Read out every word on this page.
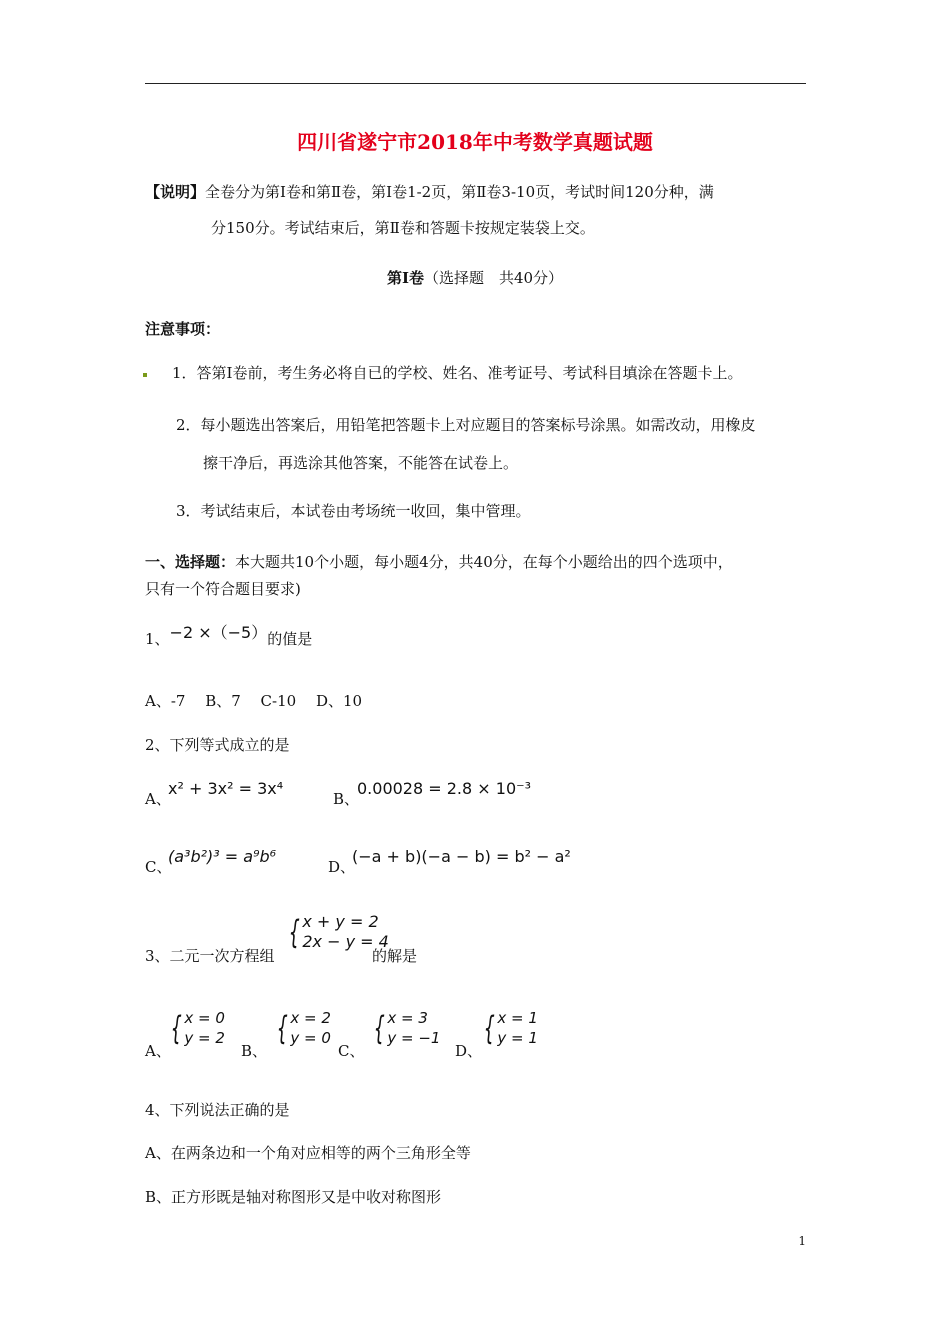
四川省遂宁市2018年中考数学真题试题
【说明】全卷分为第Ⅰ卷和第Ⅱ卷，第Ⅰ卷1-2页，第Ⅱ卷3-10页，考试时间120分种，满
分150分。考试结束后，第Ⅱ卷和答题卡按规定装袋上交。
第Ⅰ卷（选择题　共40分）
注意事项：
1．答第Ⅰ卷前，考生务必将自已的学校、姓名、准考证号、考试科目填涂在答题卡上。
2．每小题选出答案后，用铅笔把答题卡上对应题目的答案标号涂黑。如需改动，用橡皮
擦干净后，再选涂其他答案，不能答在试卷上。
3．考试结束后，本试卷由考场统一收回，集中管理。
一、选择题：本大题共10个小题，每小题4分，共40分，在每个小题给出的四个选项中，
只有一个符合题目要求)
1、−2 ×（−5）的值是
A、-7　 B、7　 C-10　 D、10
2、下列等式成立的是
A、
x² + 3x² = 3x⁴
B、
0.00028 = 2.8 × 10⁻³
C、
(a³b²)³ = a⁹b⁶
D、
(−a + b)(−a − b) = b² − a²
3、二元一次方程组
{ x + y = 2
2x − y = 4
的解是
A、
{ x = 0
y = 2
B、
{ x = 2
y = 0
C、
{ x = 3
y = −1
D、
{ x = 1
y = 1
4、下列说法正确的是
A、在两条边和一个角对应相等的两个三角形全等
B、正方形既是轴对称图形又是中收对称图形
1
